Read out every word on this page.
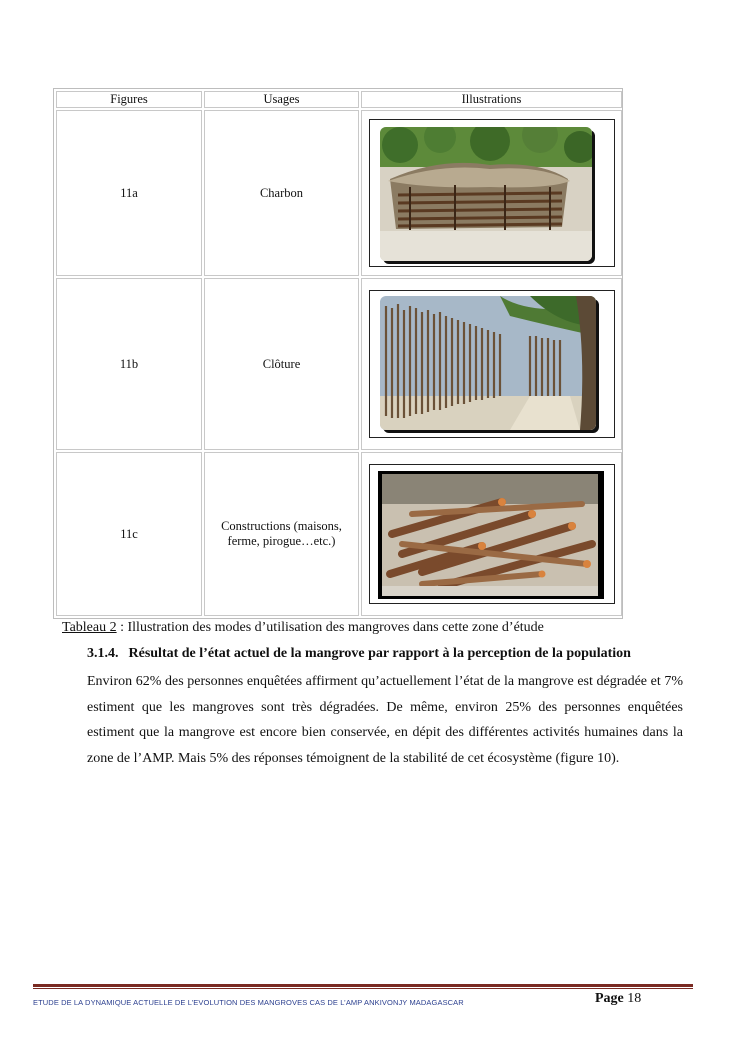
Figures	Usages	Illustrations
11a	Charbon	

11b	Clôture	

11c	Constructions (maisons, ferme, pirogue…etc.)	
Tableau 2 : Illustration des modes d’utilisation des mangroves dans cette zone d’étude
3.1.4. Résultat de l’état actuel de la mangrove par rapport à la perception de la population
Environ 62% des personnes enquêtées affirment qu’actuellement l’état de la mangrove est dégradée et 7% estiment que les mangroves sont très dégradées. De même, environ 25% des personnes enquêtées estiment que la mangrove est encore bien conservée, en dépit des différentes activités humaines dans la zone de l’AMP. Mais 5% des réponses témoignent de la stabilité de cet écosystème (figure 10).
ETUDE DE LA DYNAMIQUE ACTUELLE DE L’EVOLUTION DES MANGROVES CAS DE L’AMP ANKIVONJY MADAGASCAR	Page 18
